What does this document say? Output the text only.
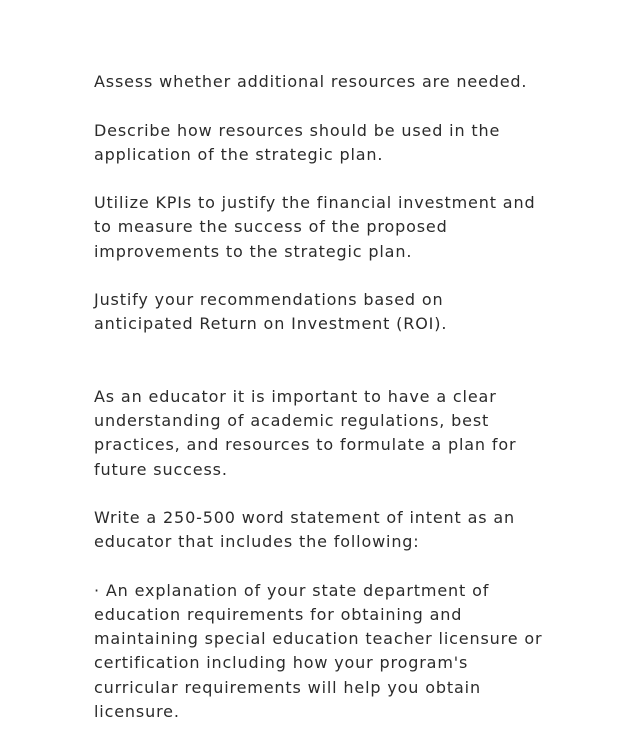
Assess whether additional resources are needed.

Describe how resources should be used in the
application of the strategic plan.

Utilize KPIs to justify the financial investment and
to measure the success of the proposed
improvements to the strategic plan.

Justify your recommendations based on
anticipated Return on Investment (ROI).

As an educator it is important to have a clear
understanding of academic regulations, best
practices, and resources to formulate a plan for
future success.

Write a 250-500 word statement of intent as an
educator that includes the following:

· An explanation of your state department of
education requirements for obtaining and
maintaining special education teacher licensure or
certification including how your program's
curricular requirements will help you obtain
licensure.
